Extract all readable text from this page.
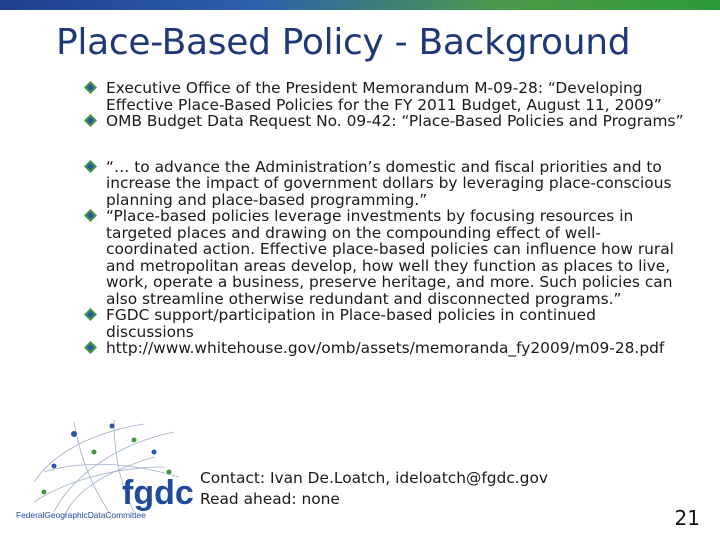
Place-Based Policy - Background
Executive Office of the President Memorandum M-09-28: “Developing Effective Place-Based Policies for the FY 2011 Budget, August 11, 2009”
OMB Budget Data Request No. 09-42: “Place-Based Policies and Programs”
“… to advance the Administration’s domestic and fiscal priorities and to increase the impact of government dollars by leveraging place-conscious planning and place-based programming.”
“Place-based policies leverage investments by focusing resources in targeted places and drawing on the compounding effect of well-coordinated action. Effective place-based policies can influence how rural and metropolitan areas develop, how well they function as places to live, work, operate a business, preserve heritage, and more. Such policies can also streamline otherwise redundant and disconnected programs.”
FGDC support/participation in Place-based policies in continued discussions
http://www.whitehouse.gov/omb/assets/memoranda_fy2009/m09-28.pdf
fgdc
FederalGeographicDataCommittee
Contact: Ivan De.Loatch, ideloatch@fgdc.gov
Read ahead: none
21
